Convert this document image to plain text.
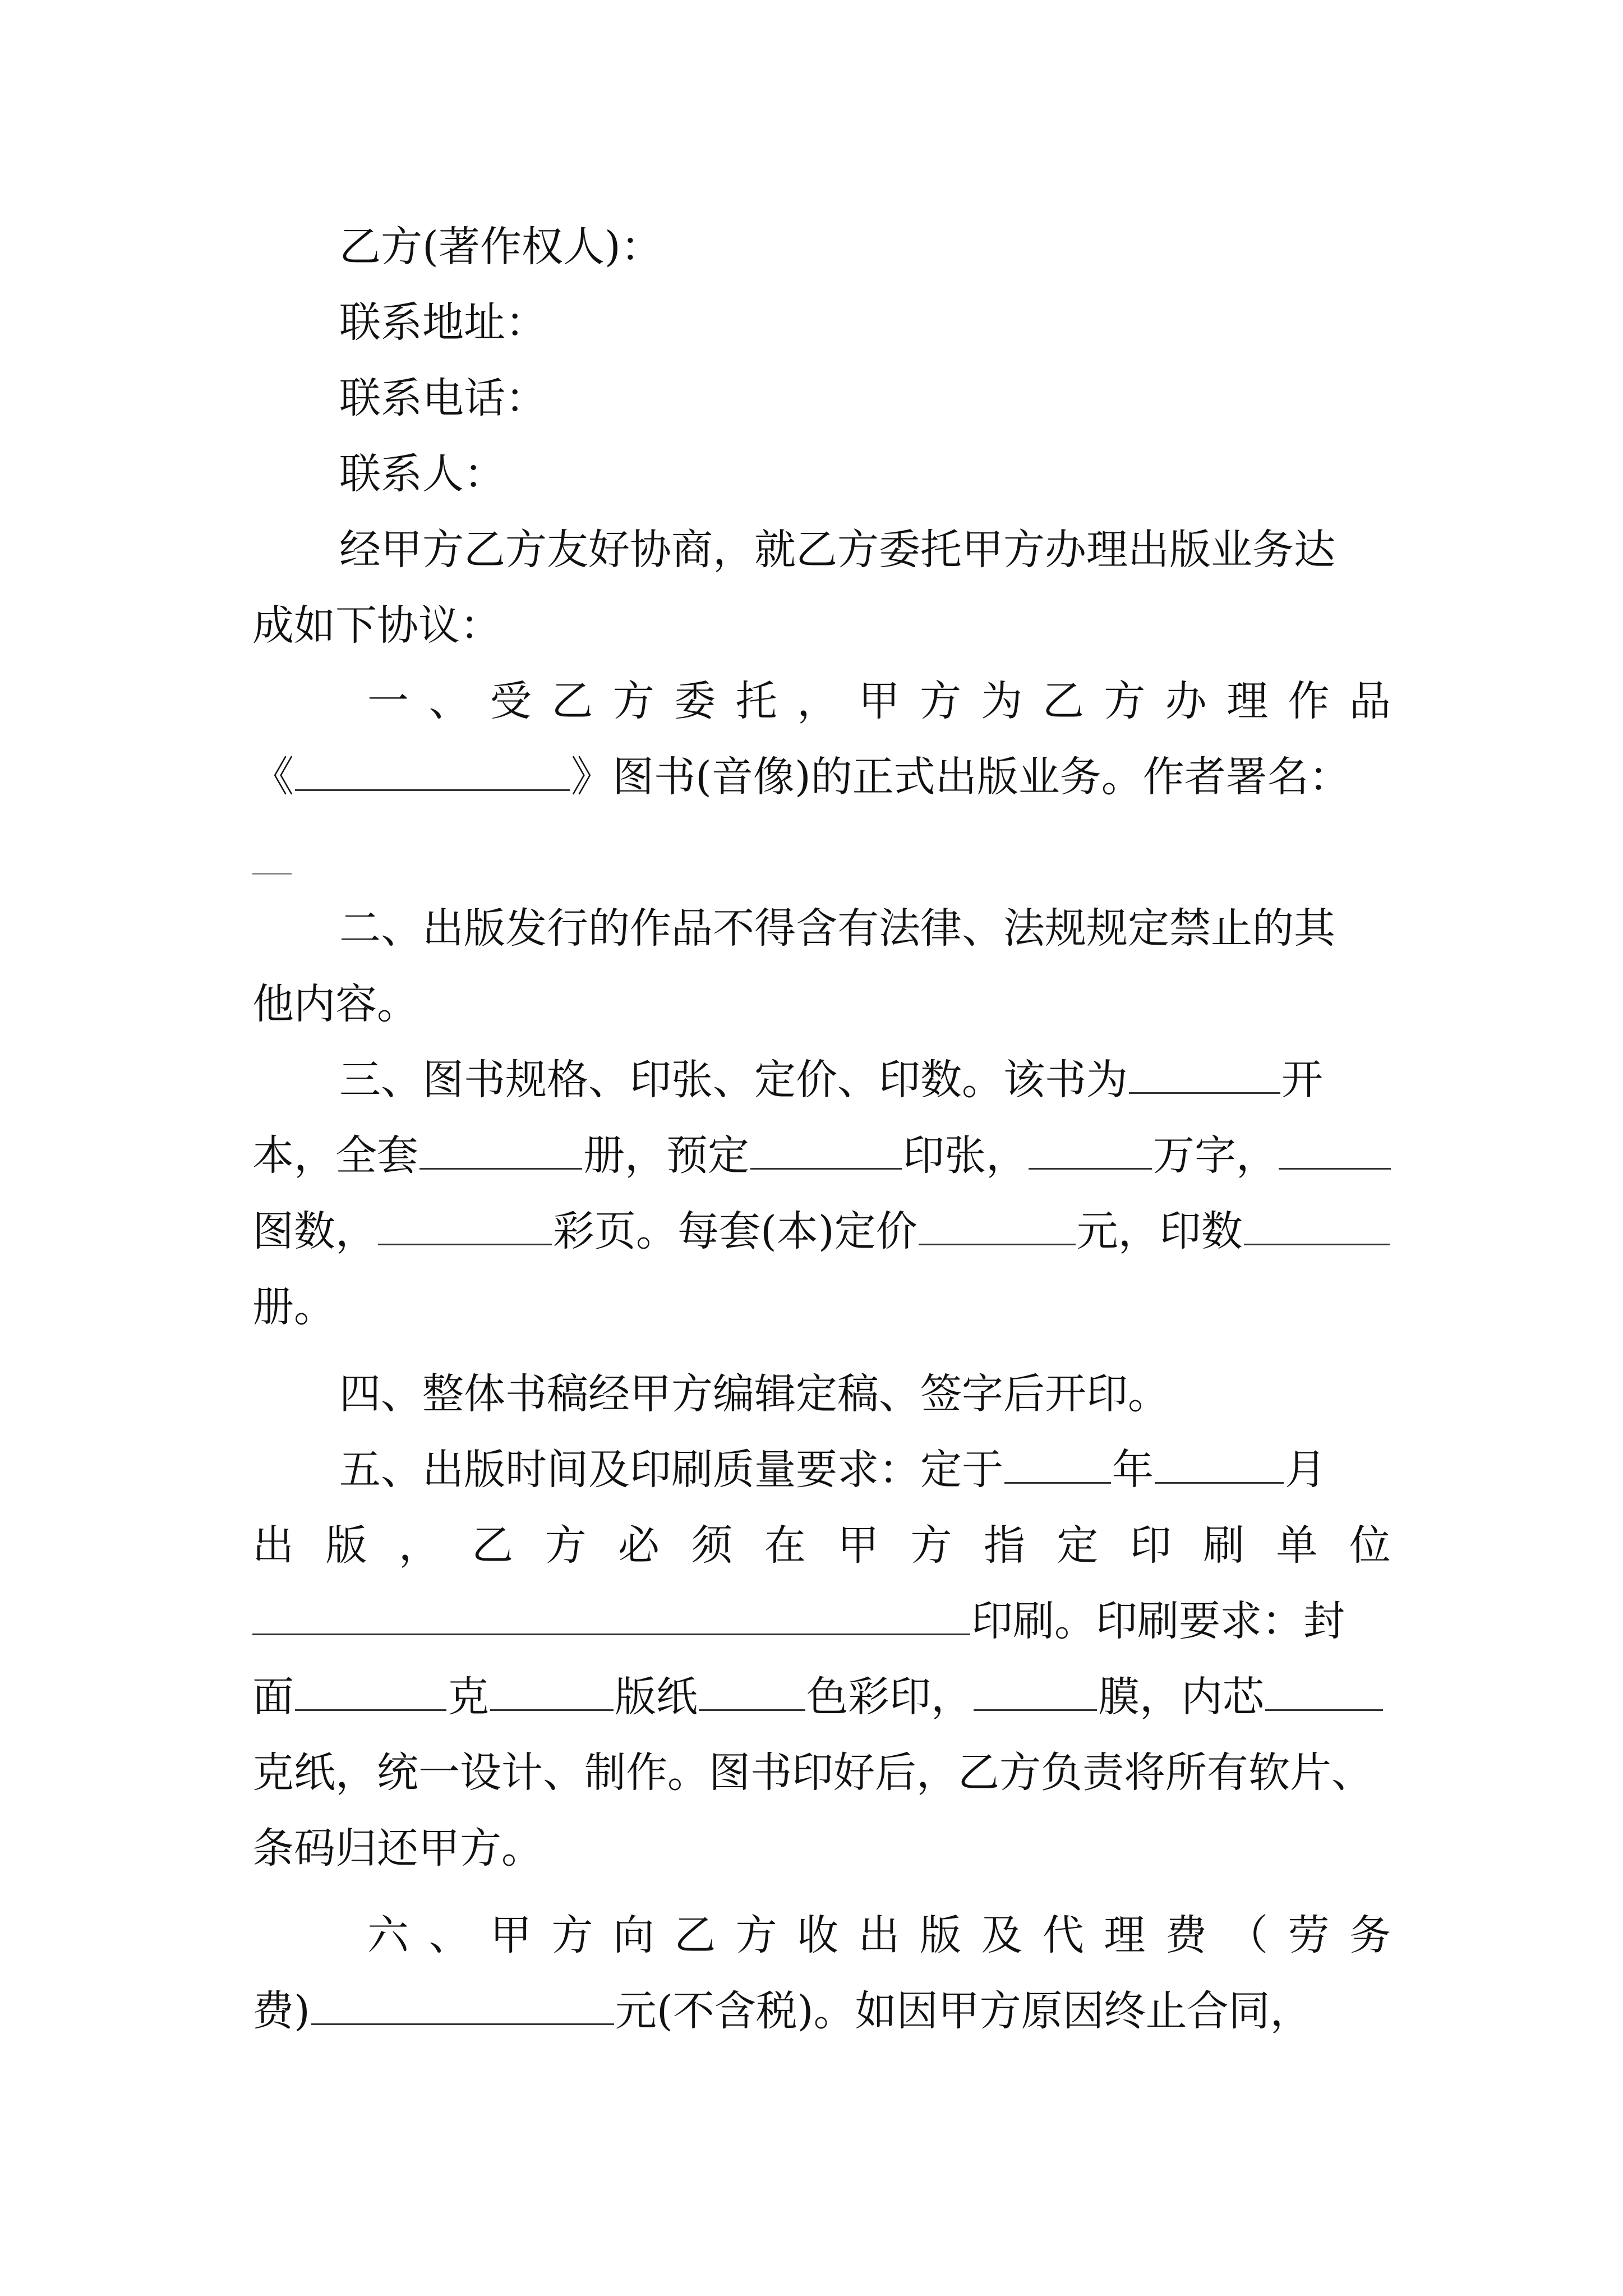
乙方(著作权人)：
联系地址：
联系电话：
联系人：
经甲方乙方友好协商，就乙方委托甲方办理出版业务达
成如下协议：
一 、 受 乙 方 委 托 ， 甲 方 为 乙 方 办 理 作 品
《	》图书(音像)的正式出版业务。作者署名：
二、出版发行的作品不得含有法律、法规规定禁止的其
他内容。
三、图书规格、印张、定价、印数。该书为	开
本，全套	册，预定	印张，	万字，
图数，	彩页。每套(本)定价	元，印数
册。
四、整体书稿经甲方编辑定稿、签字后开印。
五、出版时间及印刷质量要求：定于	年	月
出 版 ， 乙 方 必 须 在 甲 方 指 定 印 刷 单 位
印刷。印刷要求：封
面	克	版纸	色彩印，	膜，内芯
克纸，统一设计、制作。图书印好后，乙方负责将所有软片、
条码归还甲方。
六 、 甲 方 向 乙 方 收 出 版 及 代 理 费 （ 劳 务
费)	元(不含税)。如因甲方原因终止合同，
